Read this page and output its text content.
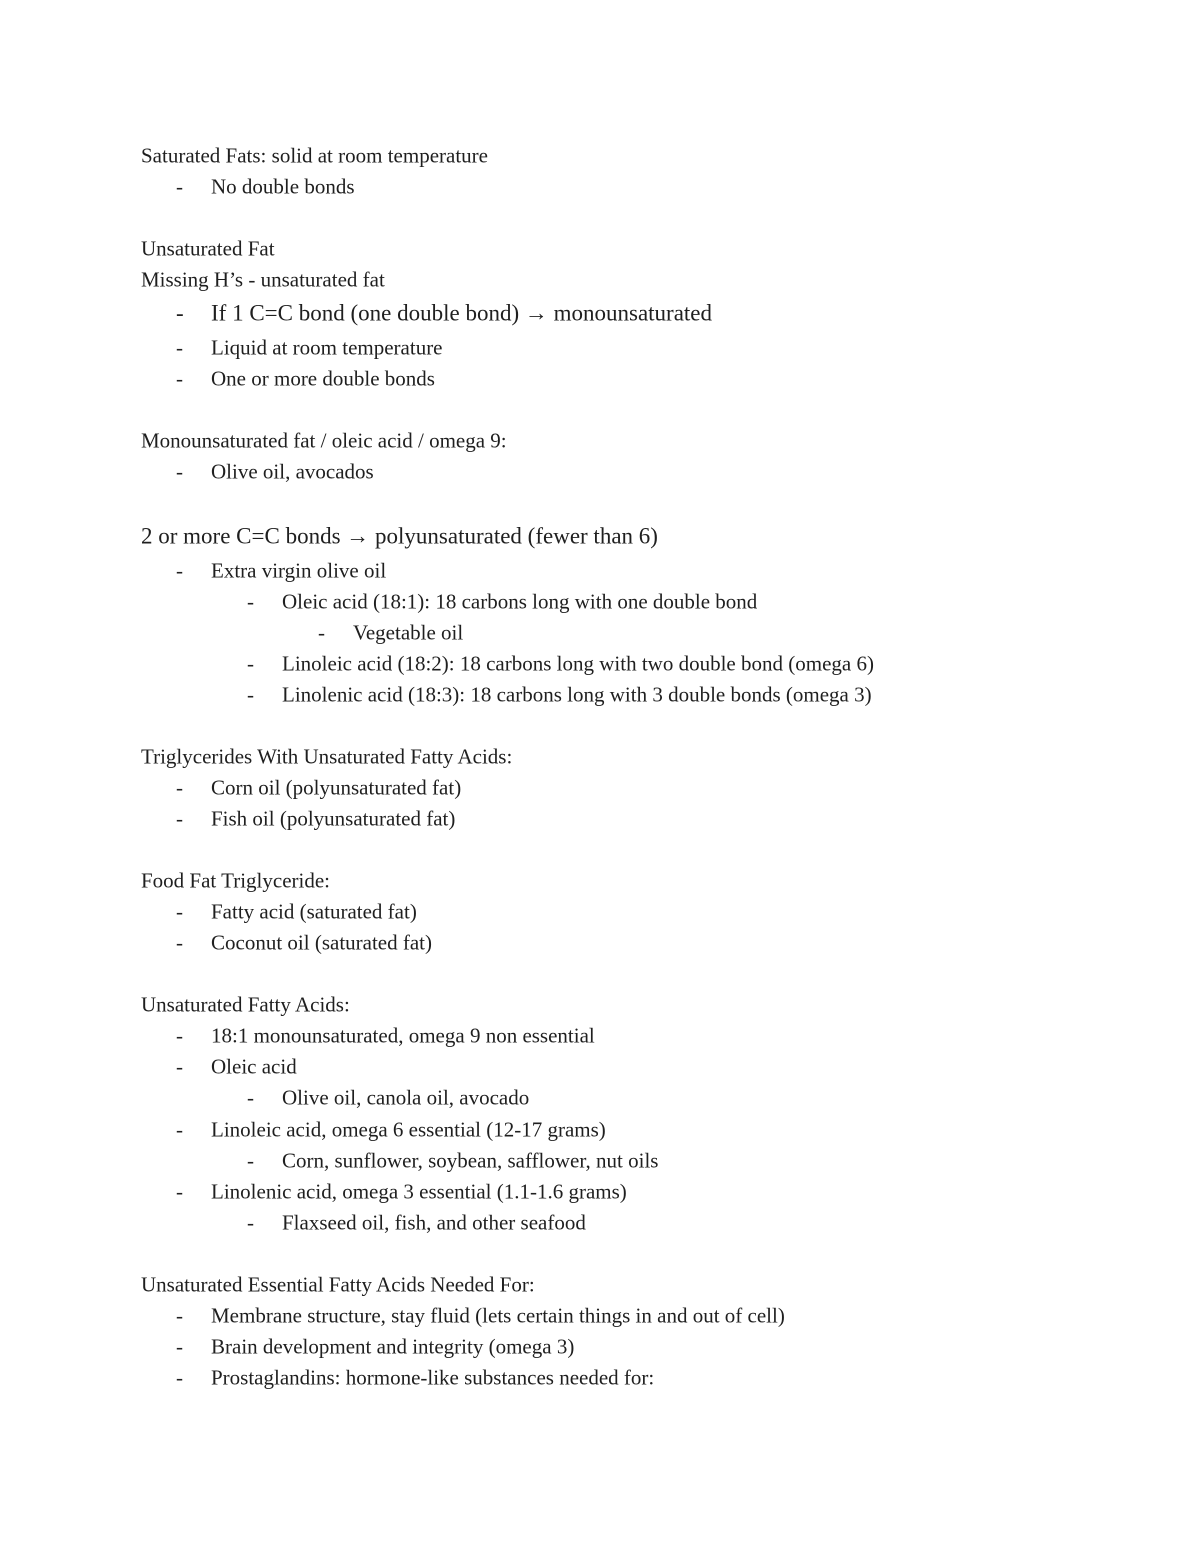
Saturated Fats: solid at room temperature
- No double bonds
Unsaturated Fat
Missing H’s - unsaturated fat
- If 1 C=C bond (one double bond) → monounsaturated
- Liquid at room temperature
- One or more double bonds
Monounsaturated fat / oleic acid / omega 9:
- Olive oil, avocados
2 or more C=C bonds → polyunsaturated (fewer than 6)
- Extra virgin olive oil
- Oleic acid (18:1): 18 carbons long with one double bond
- Vegetable oil
- Linoleic acid (18:2): 18 carbons long with two double bond (omega 6)
- Linolenic acid (18:3): 18 carbons long with 3 double bonds (omega 3)
Triglycerides With Unsaturated Fatty Acids:
- Corn oil (polyunsaturated fat)
- Fish oil (polyunsaturated fat)
Food Fat Triglyceride:
- Fatty acid (saturated fat)
- Coconut oil (saturated fat)
Unsaturated Fatty Acids:
- 18:1 monounsaturated, omega 9 non essential
- Oleic acid
- Olive oil, canola oil, avocado
- Linoleic acid, omega 6 essential (12-17 grams)
- Corn, sunflower, soybean, safflower, nut oils
- Linolenic acid, omega 3 essential (1.1-1.6 grams)
- Flaxseed oil, fish, and other seafood
Unsaturated Essential Fatty Acids Needed For:
- Membrane structure, stay fluid (lets certain things in and out of cell)
- Brain development and integrity (omega 3)
- Prostaglandins: hormone-like substances needed for:
